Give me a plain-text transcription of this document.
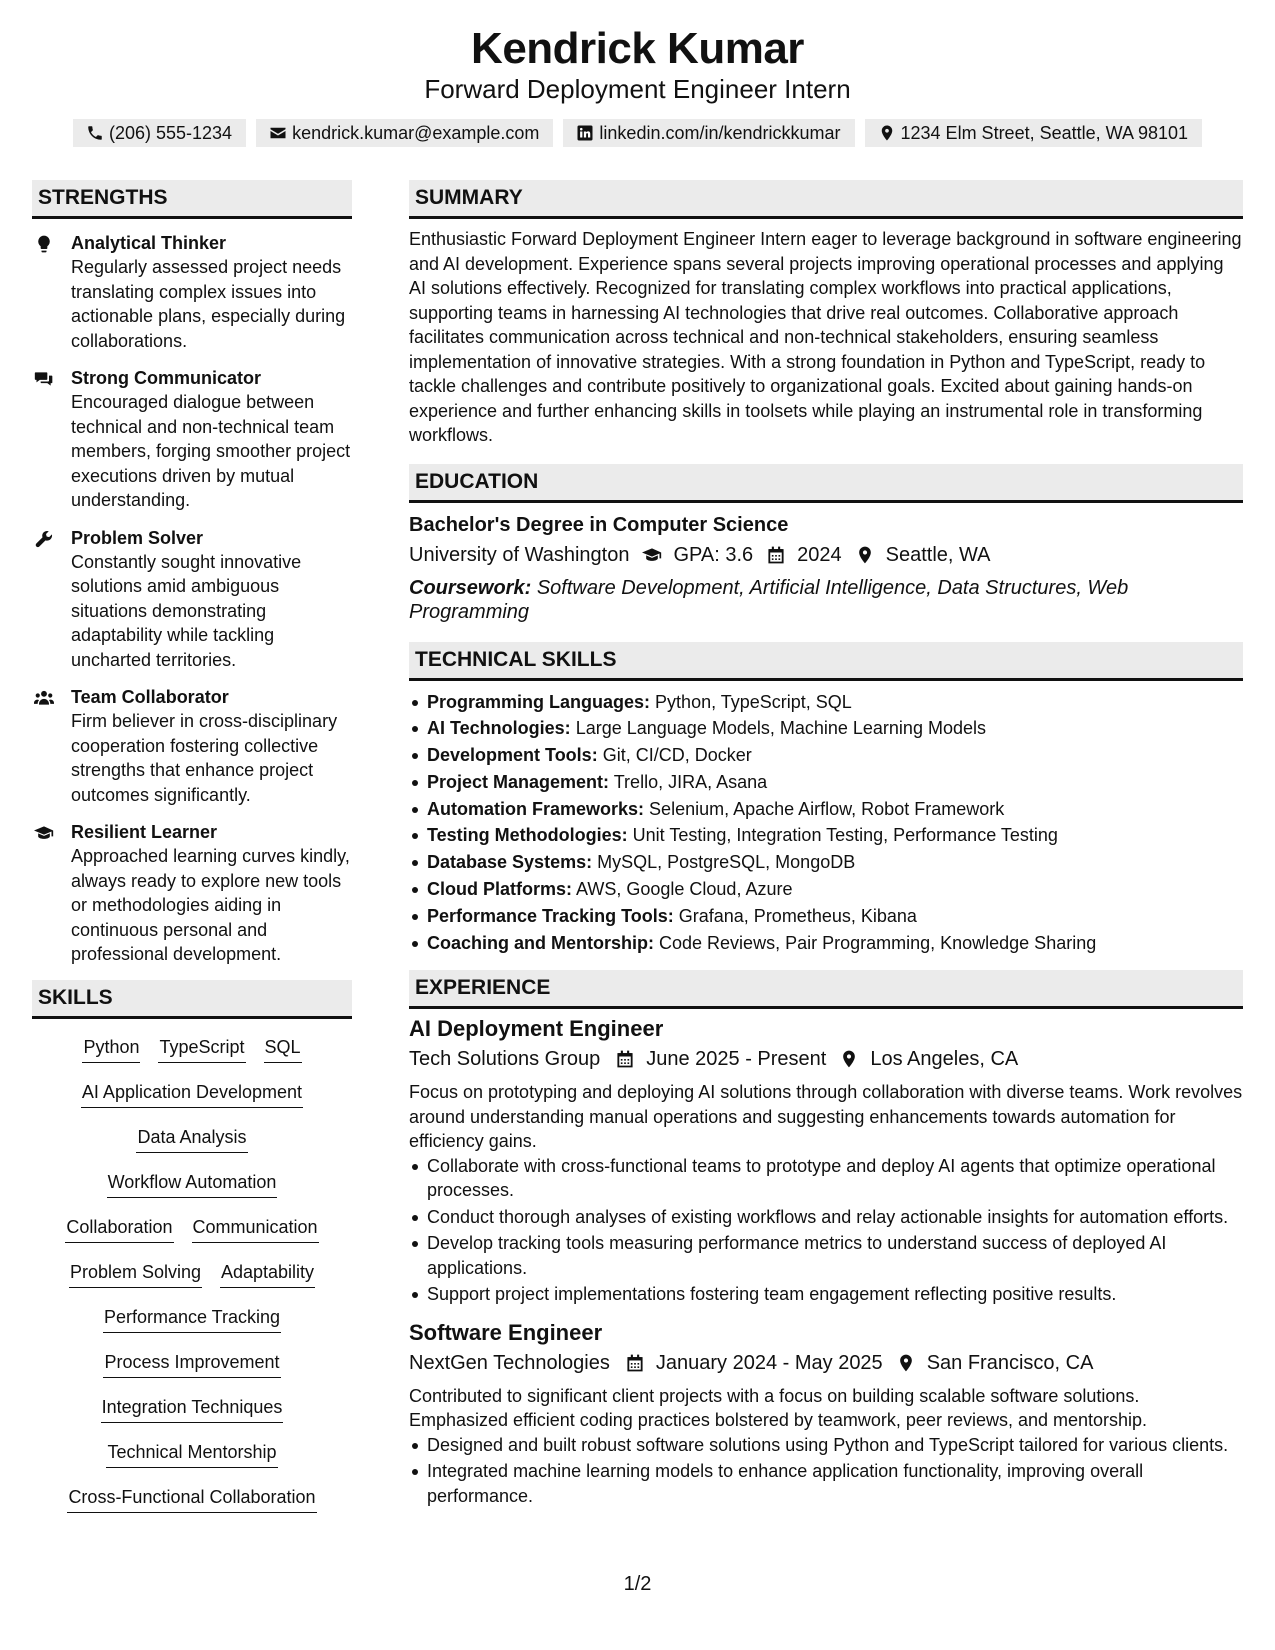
Kendrick Kumar
Forward Deployment Engineer Intern
(206) 555-1234	kendrick.kumar@example.com	linkedin.com/in/kendrickkumar	1234 Elm Street, Seattle, WA 98101
STRENGTHS
Analytical Thinker
Regularly assessed project needs translating complex issues into actionable plans, especially during collaborations.
Strong Communicator
Encouraged dialogue between technical and non-technical team members, forging smoother project executions driven by mutual understanding.
Problem Solver
Constantly sought innovative solutions amid ambiguous situations demonstrating adaptability while tackling uncharted territories.
Team Collaborator
Firm believer in cross-disciplinary cooperation fostering collective strengths that enhance project outcomes significantly.
Resilient Learner
Approached learning curves kindly, always ready to explore new tools or methodologies aiding in continuous personal and professional development.
SKILLS
Python TypeScript SQL
AI Application Development
Data Analysis
Workflow Automation
Collaboration Communication
Problem Solving Adaptability
Performance Tracking
Process Improvement
Integration Techniques
Technical Mentorship
Cross-Functional Collaboration
SUMMARY
Enthusiastic Forward Deployment Engineer Intern eager to leverage background in software engineering and AI development. Experience spans several projects improving operational processes and applying AI solutions effectively. Recognized for translating complex workflows into practical applications, supporting teams in harnessing AI technologies that drive real outcomes. Collaborative approach facilitates communication across technical and non-technical stakeholders, ensuring seamless implementation of innovative strategies. With a strong foundation in Python and TypeScript, ready to tackle challenges and contribute positively to organizational goals. Excited about gaining hands-on experience and further enhancing skills in toolsets while playing an instrumental role in transforming workflows.
EDUCATION
Bachelor's Degree in Computer Science
University of Washington GPA: 3.6 2024 Seattle, WA
Coursework: Software Development, Artificial Intelligence, Data Structures, Web Programming
TECHNICAL SKILLS
Programming Languages: Python, TypeScript, SQL
AI Technologies: Large Language Models, Machine Learning Models
Development Tools: Git, CI/CD, Docker
Project Management: Trello, JIRA, Asana
Automation Frameworks: Selenium, Apache Airflow, Robot Framework
Testing Methodologies: Unit Testing, Integration Testing, Performance Testing
Database Systems: MySQL, PostgreSQL, MongoDB
Cloud Platforms: AWS, Google Cloud, Azure
Performance Tracking Tools: Grafana, Prometheus, Kibana
Coaching and Mentorship: Code Reviews, Pair Programming, Knowledge Sharing
EXPERIENCE
AI Deployment Engineer
Tech Solutions Group June 2025 - Present Los Angeles, CA
Focus on prototyping and deploying AI solutions through collaboration with diverse teams. Work revolves around understanding manual operations and suggesting enhancements towards automation for efficiency gains.
Collaborate with cross-functional teams to prototype and deploy AI agents that optimize operational processes.
Conduct thorough analyses of existing workflows and relay actionable insights for automation efforts.
Develop tracking tools measuring performance metrics to understand success of deployed AI applications.
Support project implementations fostering team engagement reflecting positive results.
Software Engineer
NextGen Technologies January 2024 - May 2025 San Francisco, CA
Contributed to significant client projects with a focus on building scalable software solutions. Emphasized efficient coding practices bolstered by teamwork, peer reviews, and mentorship.
Designed and built robust software solutions using Python and TypeScript tailored for various clients.
Integrated machine learning models to enhance application functionality, improving overall performance.
1/2
